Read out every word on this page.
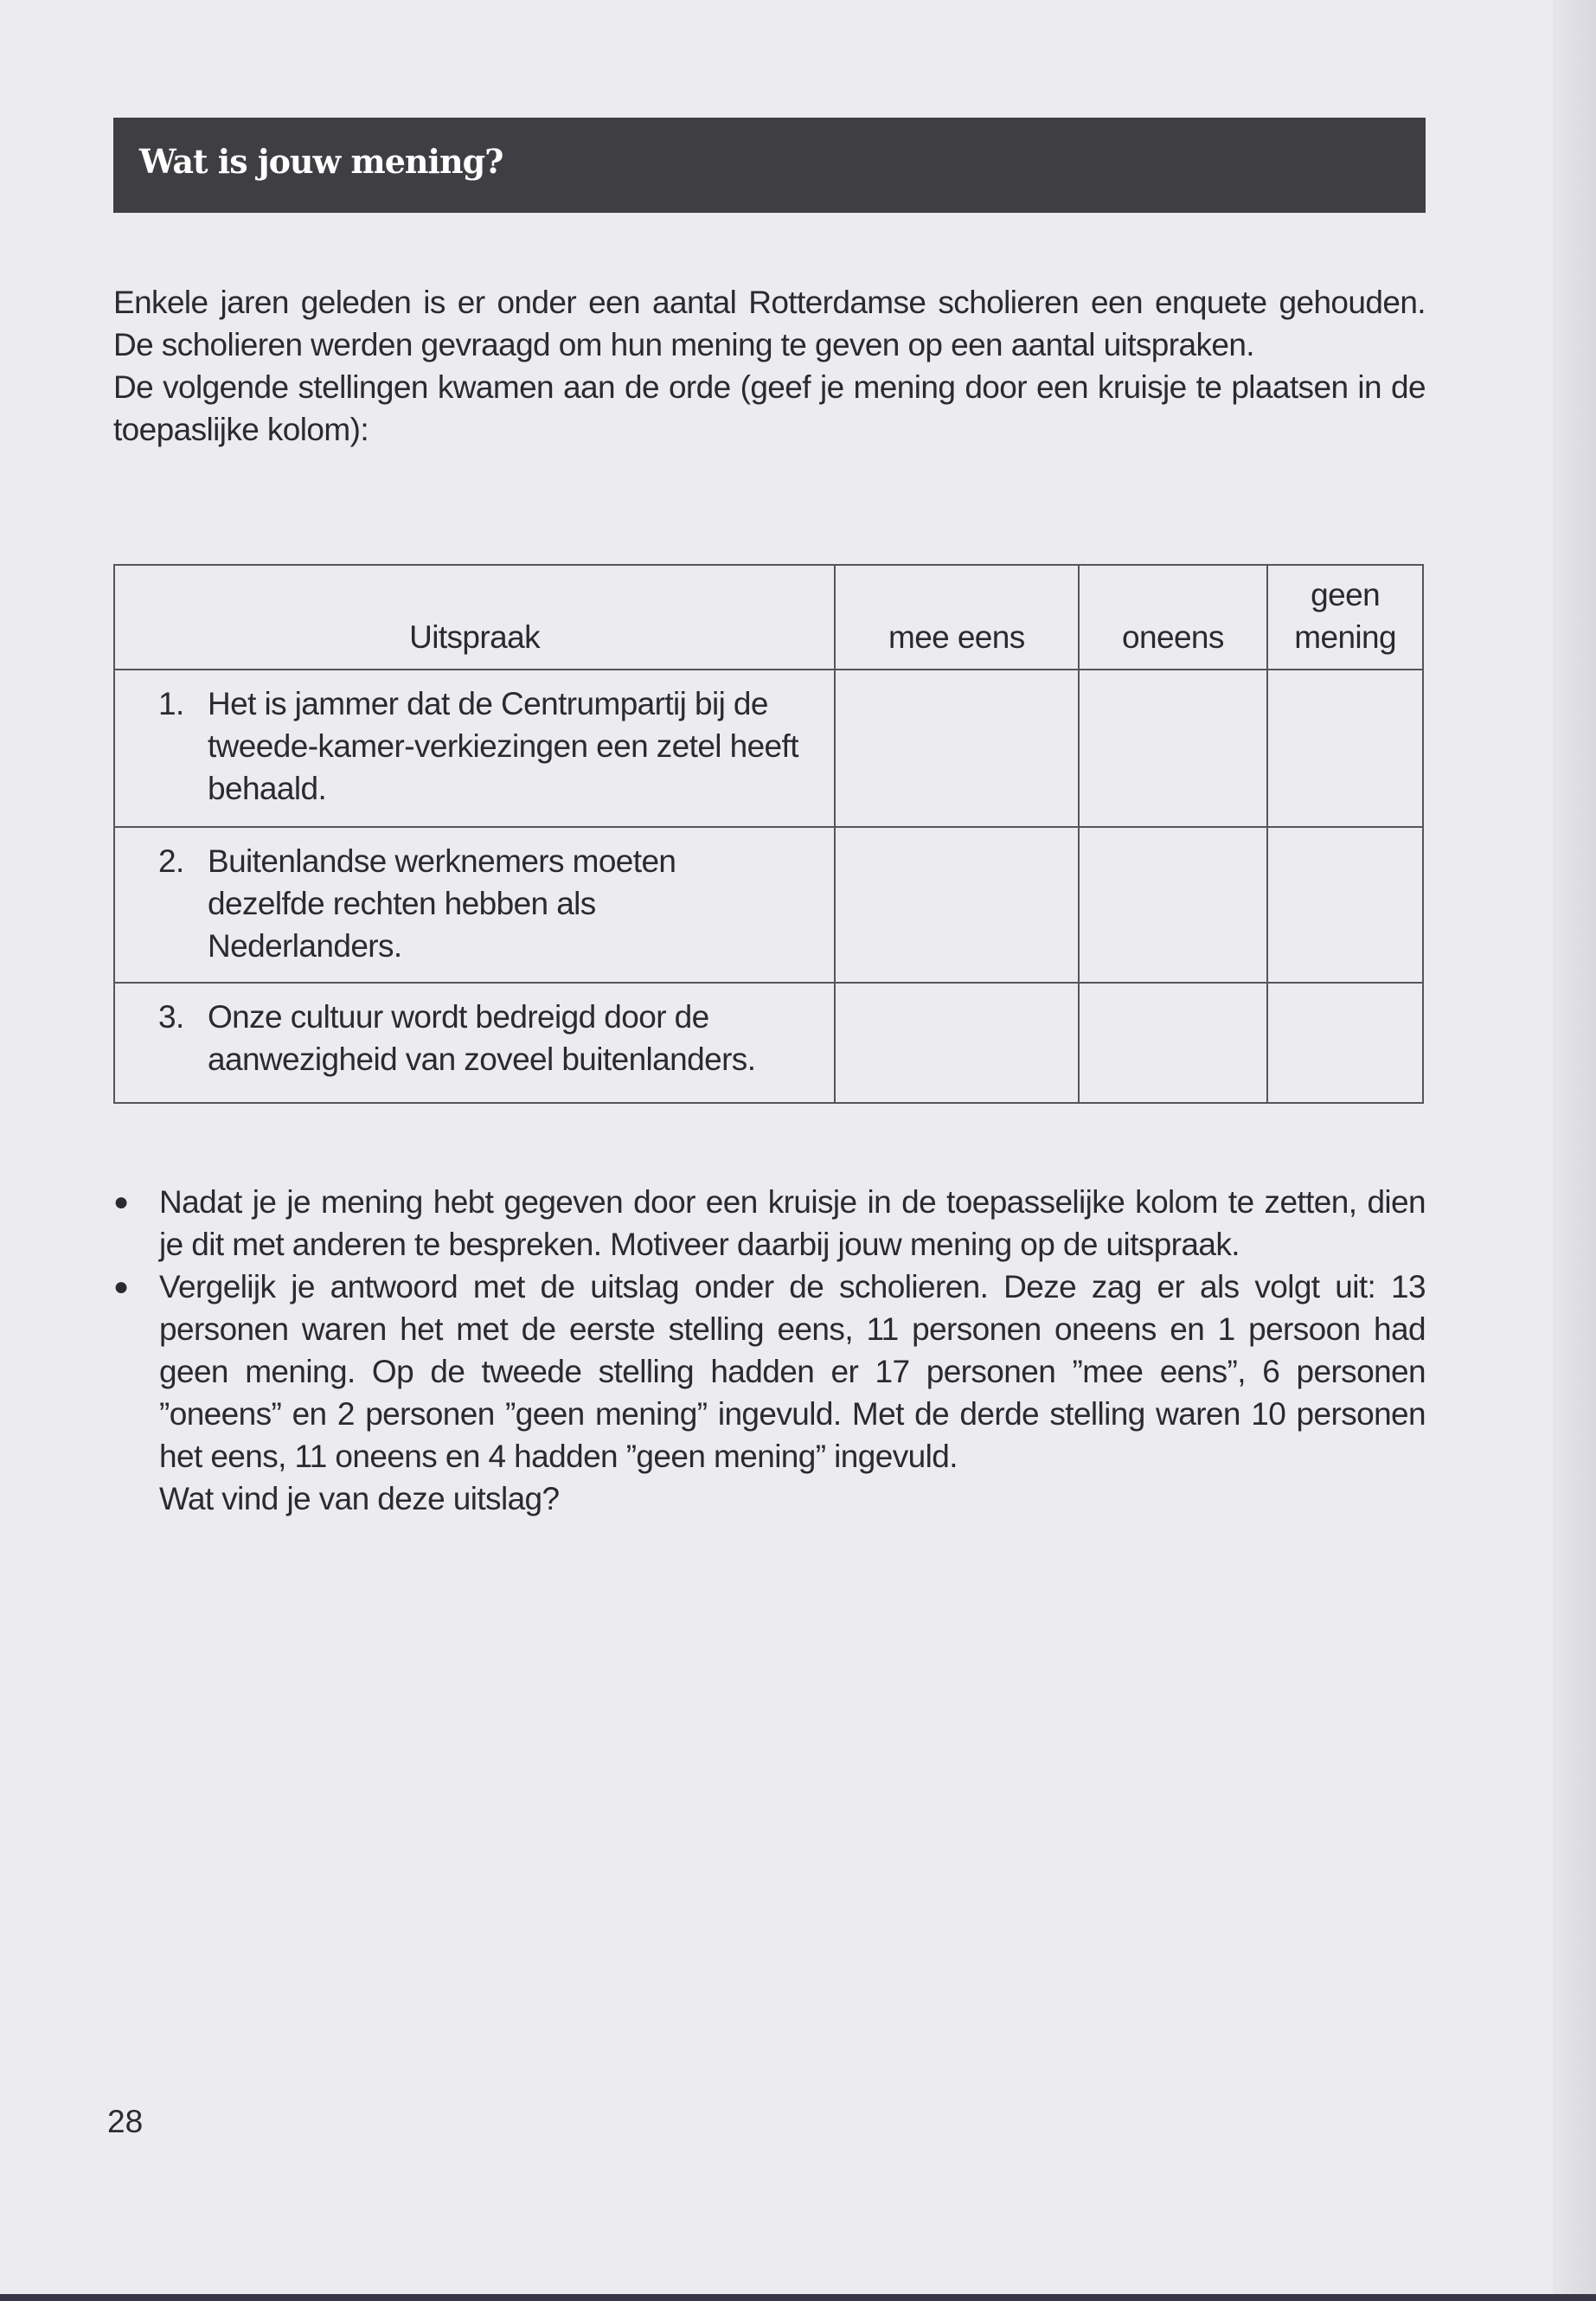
Wat is jouw mening?

Enkele jaren geleden is er onder een aantal Rotterdamse scholieren een enquete gehouden. De scholieren werden gevraagd om hun mening te geven op een aantal uitspraken.

De volgende stellingen kwamen aan de orde (geef je mening door een kruisje te plaatsen in de toepaslijke kolom):

Uitspraak	mee eens	oneens	geen mening

1. Het is jammer dat de Centrumpartij bij de tweede-kamer-verkiezingen een zetel heeft behaald.			

2. Buitenlandse werknemers moeten dezelfde rechten hebben als Nederlanders.			

3. Onze cultuur wordt bedreigd door de aanwezigheid van zoveel buitenlanders.			

● Nadat je je mening hebt gegeven door een kruisje in de toepasselijke kolom te zetten, dien je dit met anderen te bespreken. Motiveer daarbij jouw mening op de uitspraak.
● Vergelijk je antwoord met de uitslag onder de scholieren. Deze zag er als volgt uit: 13 personen waren het met de eerste stelling eens, 11 personen oneens en 1 persoon had geen mening. Op de tweede stelling hadden er 17 personen ”mee eens”, 6 personen ”oneens” en 2 personen ”geen mening” ingevuld. Met de derde stelling waren 10 personen het eens, 11 oneens en 4 hadden ”geen mening” ingevuld.
Wat vind je van deze uitslag?
28
